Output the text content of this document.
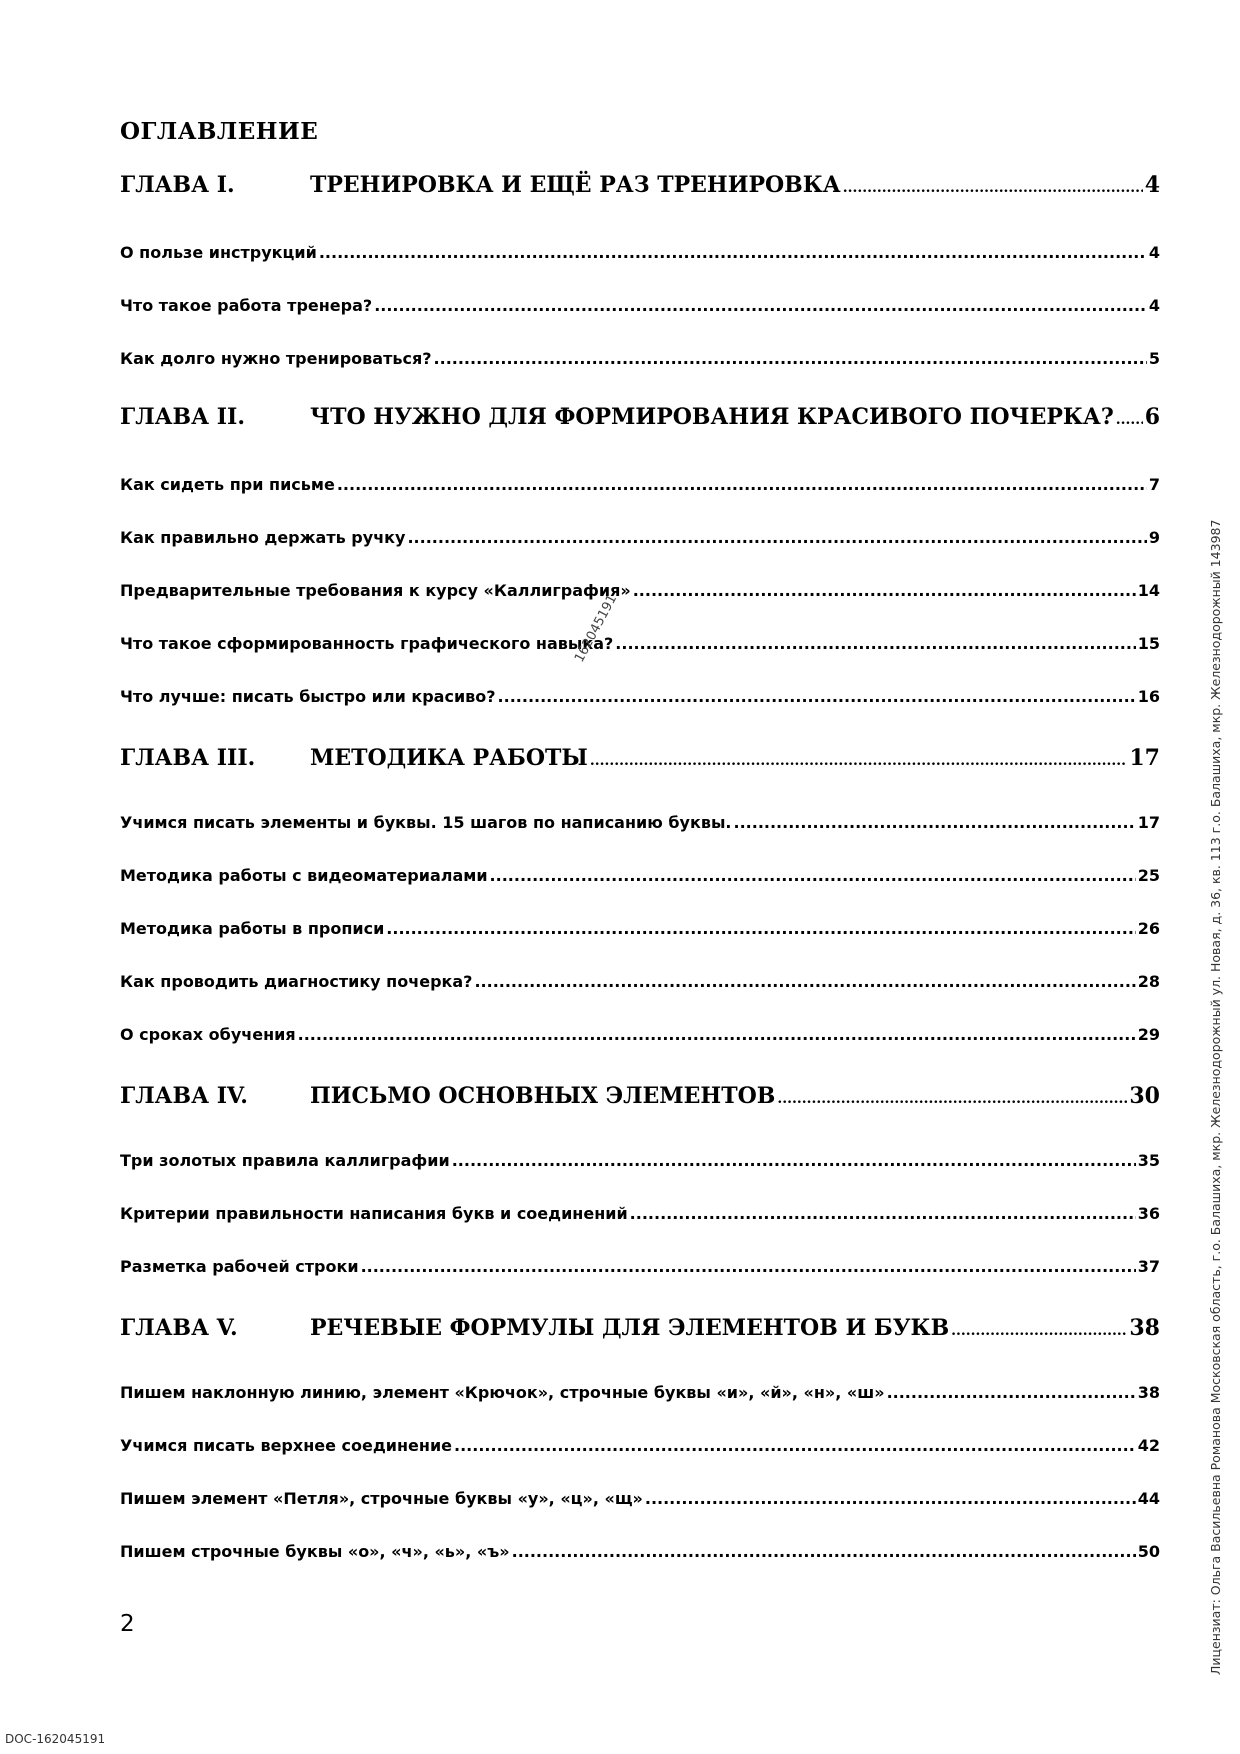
ОГЛАВЛЕНИЕ
ГЛАВА I.	ТРЕНИРОВКА И ЕЩЁ РАЗ ТРЕНИРОВКА .....	4
О пользе инструкций .....	4
Что такое работа тренера? .....	4
Как долго нужно тренироваться? .....	5
ГЛАВА II.	ЧТО НУЖНО ДЛЯ ФОРМИРОВАНИЯ КРАСИВОГО ПОЧЕРКА? ..... 6
Как сидеть при письме .....	7
Как правильно держать ручку .....	9
Предварительные требования к курсу «Каллиграфия» .....	14
Что такое сформированность графического навыка? .....	15
Что лучше: писать быстро или красиво? .....	16
ГЛАВА III.	МЕТОДИКА РАБОТЫ .....	17
Учимся писать элементы и буквы. 15 шагов по написанию буквы. .....	17
Методика работы с видеоматериалами .....	25
Методика работы в прописи .....	26
Как проводить диагностику почерка? .....	28
О сроках обучения .....	29
ГЛАВА IV.	ПИСЬМО ОСНОВНЫХ ЭЛЕМЕНТОВ .....	30
Три золотых правила каллиграфии .....	35
Критерии правильности написания букв и соединений .....	36
Разметка рабочей строки .....	37
ГЛАВА V.	РЕЧЕВЫЕ ФОРМУЛЫ ДЛЯ ЭЛЕМЕНТОВ И БУКВ .....	38
Пишем наклонную линию, элемент «Крючок», строчные буквы «и», «й», «н», «ш» .....	38
Учимся писать верхнее соединение .....	42
Пишем элемент «Петля», строчные буквы «у», «ц», «щ» .....	44
Пишем строчные буквы «о», «ч», «ь», «ъ» .....	50
2
162045191	Лицензиат: Ольга Васильевна Романова Московская область, г.о. Балашиха, мкр. Железнодорожный ул. Новая, д. 36, кв. 113 г.о. Балашиха, мкр. Железнодорожный 143987
DOC-162045191
